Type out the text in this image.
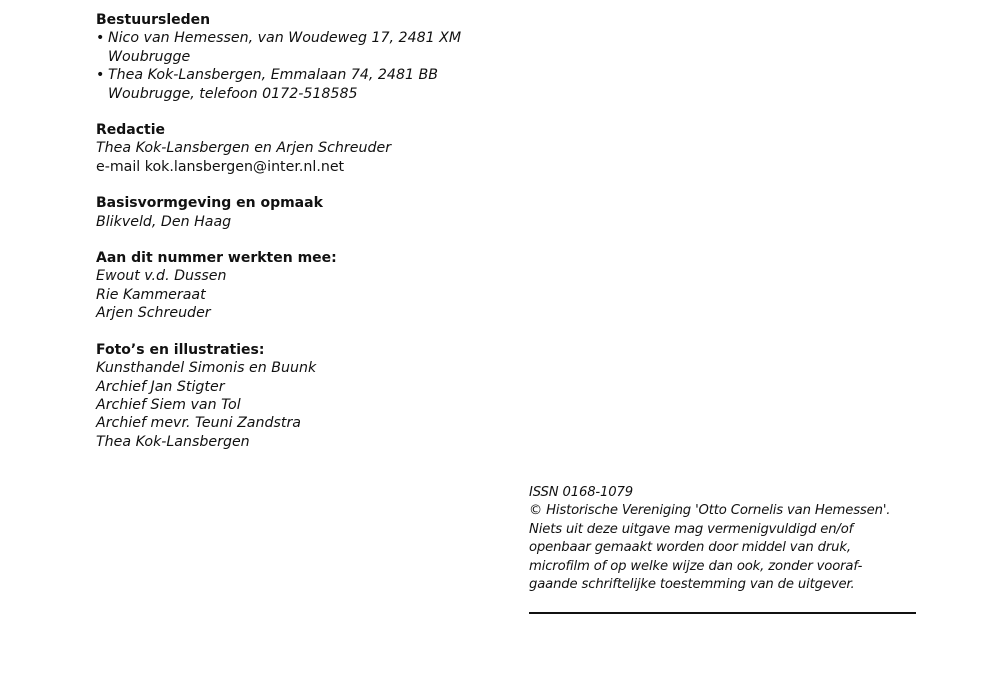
Bestuursleden
• Nico van Hemessen, van Woudeweg 17, 2481 XM
Woubrugge
• Thea Kok-Lansbergen, Emmalaan 74, 2481 BB
Woubrugge, telefoon 0172-518585
Redactie
Thea Kok-Lansbergen en Arjen Schreuder
e-mail kok.lansbergen@inter.nl.net
Basisvormgeving en opmaak
Blikveld, Den Haag
Aan dit nummer werkten mee:
Ewout v.d. Dussen
Rie Kammeraat
Arjen Schreuder
Foto’s en illustraties:
Kunsthandel Simonis en Buunk
Archief Jan Stigter
Archief Siem van Tol
Archief mevr. Teuni Zandstra
Thea Kok-Lansbergen
ISSN 0168-1079
© Historische Vereniging 'Otto Cornelis van Hemessen'.
Niets uit deze uitgave mag vermenigvuldigd en/of
openbaar gemaakt worden door middel van druk,
microfilm of op welke wijze dan ook, zonder vooraf-
gaande schriftelijke toestemming van de uitgever.
